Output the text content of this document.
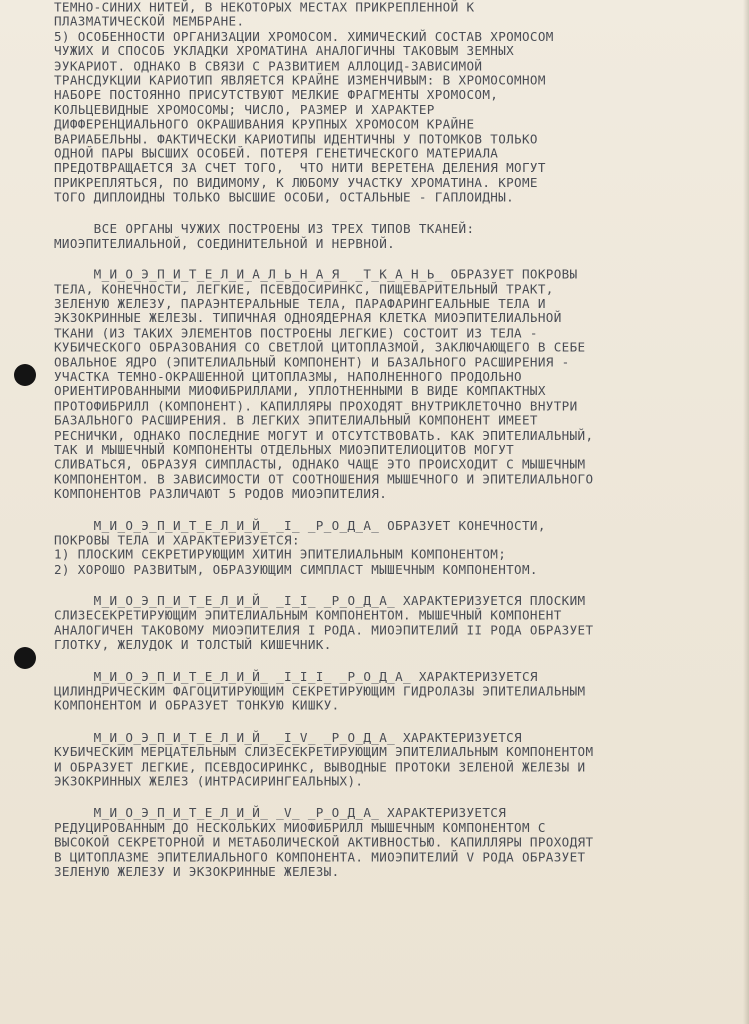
ТЕМНО-СИНИХ НИТЕЙ, В НЕКОТОРЫХ МЕСТАХ ПРИКРЕПЛЕННОЙ К
ПЛАЗМАТИЧЕСКОЙ МЕМБРАНЕ.
5) ОСОБЕННОСТИ ОРГАНИЗАЦИИ ХРОМОСОМ. ХИМИЧЕСКИЙ СОСТАВ ХРОМОСОМ
ЧУЖИХ И СПОСОБ УКЛАДКИ ХРОМАТИНА АНАЛОГИЧНЫ ТАКОВЫМ ЗЕМНЫХ
ЭУКАРИОТ. ОДНАКО В СВЯЗИ С РАЗВИТИЕМ АЛЛОЦИД-ЗАВИСИМОЙ
ТРАНСДУКЦИИ КАРИОТИП ЯВЛЯЕТСЯ КРАЙНЕ ИЗМЕНЧИВЫМ: В ХРОМОСОМНОМ
НАБОРЕ ПОСТОЯННО ПРИСУТСТВУЮТ МЕЛКИЕ ФРАГМЕНТЫ ХРОМОСОМ,
КОЛЬЦЕВИДНЫЕ ХРОМОСОМЫ; ЧИСЛО, РАЗМЕР И ХАРАКТЕР
ДИФФЕРЕНЦИАЛЬНОГО ОКРАШИВАНИЯ КРУПНЫХ ХРОМОСОМ КРАЙНЕ
ВАРИАБЕЛЬНЫ. ФАКТИЧЕСКИ КАРИОТИПЫ ИДЕНТИЧНЫ У ПОТОМКОВ ТОЛЬКО
ОДНОЙ ПАРЫ ВЫСШИХ ОСОБЕЙ. ПОТЕРЯ ГЕНЕТИЧЕСКОГО МАТЕРИАЛА
ПРЕДОТВРАЩАЕТСЯ ЗА СЧЕТ ТОГО,  ЧТО НИТИ ВЕРЕТЕНА ДЕЛЕНИЯ МОГУТ
ПРИКРЕПЛЯТЬСЯ, ПО ВИДИМОМУ, К ЛЮБОМУ УЧАСТКУ ХРОМАТИНА. КРОМЕ
ТОГО ДИПЛОИДНЫ ТОЛЬКО ВЫСШИЕ ОСОБИ, ОСТАЛЬНЫЕ - ГАПЛОИДНЫ.
ВСЕ ОРГАНЫ ЧУЖИХ ПОСТРОЕНЫ ИЗ ТРЕХ ТИПОВ ТКАНЕЙ:
МИОЭПИТЕЛИАЛЬНОЙ, СОЕДИНИТЕЛЬНОЙ И НЕРВНОЙ.
М_И_О_Э_П_И_Т_Е_Л_И_А_Л_Ь_Н_А_Я_ _Т_К_А_Н_Ь_ ОБРАЗУЕТ ПОКРОВЫ
ТЕЛА, КОНЕЧНОСТИ, ЛЕГКИЕ, ПСЕВДОСИРИНКС, ПИЩЕВАРИТЕЛЬНЫЙ ТРАКТ,
ЗЕЛЕНУЮ ЖЕЛЕЗУ, ПАРАЭНТЕРАЛЬНЫЕ ТЕЛА, ПАРАФАРИНГЕАЛЬНЫЕ ТЕЛА И
ЭКЗОКРИННЫЕ ЖЕЛЕЗЫ. ТИПИЧНАЯ ОДНОЯДЕРНАЯ КЛЕТКА МИОЭПИТЕЛИАЛЬНОЙ
ТКАНИ (ИЗ ТАКИХ ЭЛЕМЕНТОВ ПОСТРОЕНЫ ЛЕГКИЕ) СОСТОИТ ИЗ ТЕЛА -
КУБИЧЕСКОГО ОБРАЗОВАНИЯ СО СВЕТЛОЙ ЦИТОПЛАЗМОЙ, ЗАКЛЮЧАЮЩЕГО В СЕБЕ
ОВАЛЬНОЕ ЯДРО (ЭПИТЕЛИАЛЬНЫЙ КОМПОНЕНТ) И БАЗАЛЬНОГО РАСШИРЕНИЯ -
УЧАСТКА ТЕМНО-ОКРАШЕННОЙ ЦИТОПЛАЗМЫ, НАПОЛНЕННОГО ПРОДОЛЬНО
ОРИЕНТИРОВАННЫМИ МИОФИБРИЛЛАМИ, УПЛОТНЕННЫМИ В ВИДЕ КОМПАКТНЫХ
ПРОТОФИБРИЛЛ (КОМПОНЕНТ). КАПИЛЛЯРЫ ПРОХОДЯТ ВНУТРИКЛЕТОЧНО ВНУТРИ
БАЗАЛЬНОГО РАСШИРЕНИЯ. В ЛЕГКИХ ЭПИТЕЛИАЛЬНЫЙ КОМПОНЕНТ ИМЕЕТ
РЕСНИЧКИ, ОДНАКО ПОСЛЕДНИЕ МОГУТ И ОТСУТСТВОВАТЬ. КАК ЭПИТЕЛИАЛЬНЫЙ,
ТАК И МЫШЕЧНЫЙ КОМПОНЕНТЫ ОТДЕЛЬНЫХ МИОЭПИТЕЛИОЦИТОВ МОГУТ
СЛИВАТЬСЯ, ОБРАЗУЯ СИМПЛАСТЫ, ОДНАКО ЧАЩЕ ЭТО ПРОИСХОДИТ С МЫШЕЧНЫМ
КОМПОНЕНТОМ. В ЗАВИСИМОСТИ ОТ СООТНОШЕНИЯ МЫШЕЧНОГО И ЭПИТЕЛИАЛЬНОГО
КОМПОНЕНТОВ РАЗЛИЧАЮТ 5 РОДОВ МИОЭПИТЕЛИЯ.
М_И_О_Э_П_И_Т_Е_Л_И_Й_ _I_ _Р_О_Д_А_ ОБРАЗУЕТ КОНЕЧНОСТИ,
ПОКРОВЫ ТЕЛА И ХАРАКТЕРИЗУЕТСЯ:
1) ПЛОСКИМ СЕКРЕТИРУЮЩИМ ХИТИН ЭПИТЕЛИАЛЬНЫМ КОМПОНЕНТОМ;
2) ХОРОШО РАЗВИТЫМ, ОБРАЗУЮЩИМ СИМПЛАСТ МЫШЕЧНЫМ КОМПОНЕНТОМ.
М_И_О_Э_П_И_Т_Е_Л_И_Й_ _I_I_ _Р_О_Д_А_ ХАРАКТЕРИЗУЕТСЯ ПЛОСКИМ
СЛИЗЕСЕКРЕТИРУЮЩИМ ЭПИТЕЛИАЛЬНЫМ КОМПОНЕНТОМ. МЫШЕЧНЫЙ КОМПОНЕНТ
АНАЛОГИЧЕН ТАКОВОМУ МИОЭПИТЕЛИЯ I РОДА. МИОЭПИТЕЛИЙ II РОДА ОБРАЗУЕТ
ГЛОТКУ, ЖЕЛУДОК И ТОЛСТЫЙ КИШЕЧНИК.
М_И_О_Э_П_И_Т_Е_Л_И_Й_ _I_I_I_ _Р_О_Д_А_ ХАРАКТЕРИЗУЕТСЯ
ЦИЛИНДРИЧЕСКИМ ФАГОЦИТИРУЮЩИМ СЕКРЕТИРУЮЩИМ ГИДРОЛАЗЫ ЭПИТЕЛИАЛЬНЫМ
КОМПОНЕНТОМ И ОБРАЗУЕТ ТОНКУЮ КИШКУ.
М_И_О_Э_П_И_Т_Е_Л_И_Й_ _I_V_ _Р_О_Д_А_ ХАРАКТЕРИЗУЕТСЯ
КУБИЧЕСКИМ МЕРЦАТЕЛЬНЫМ СЛИЗЕСЕКРЕТИРУЮЩИМ ЭПИТЕЛИАЛЬНЫМ КОМПОНЕНТОМ
И ОБРАЗУЕТ ЛЕГКИЕ, ПСЕВДОСИРИНКС, ВЫВОДНЫЕ ПРОТОКИ ЗЕЛЕНОЙ ЖЕЛЕЗЫ И
ЭКЗОКРИННЫХ ЖЕЛЕЗ (ИНТРАСИРИНГЕАЛЬНЫХ).
М_И_О_Э_П_И_Т_Е_Л_И_Й_ _V_ _Р_О_Д_А_ ХАРАКТЕРИЗУЕТСЯ
РЕДУЦИРОВАННЫМ ДО НЕСКОЛЬКИХ МИОФИБРИЛЛ МЫШЕЧНЫМ КОМПОНЕНТОМ С
ВЫСОКОЙ СЕКРЕТОРНОЙ И МЕТАБОЛИЧЕСКОЙ АКТИВНОСТЬЮ. КАПИЛЛЯРЫ ПРОХОДЯТ
В ЦИТОПЛАЗМЕ ЭПИТЕЛИАЛЬНОГО КОМПОНЕНТА. МИОЭПИТЕЛИЙ V РОДА ОБРАЗУЕТ
ЗЕЛЕНУЮ ЖЕЛЕЗУ И ЭКЗОКРИННЫЕ ЖЕЛЕЗЫ.
